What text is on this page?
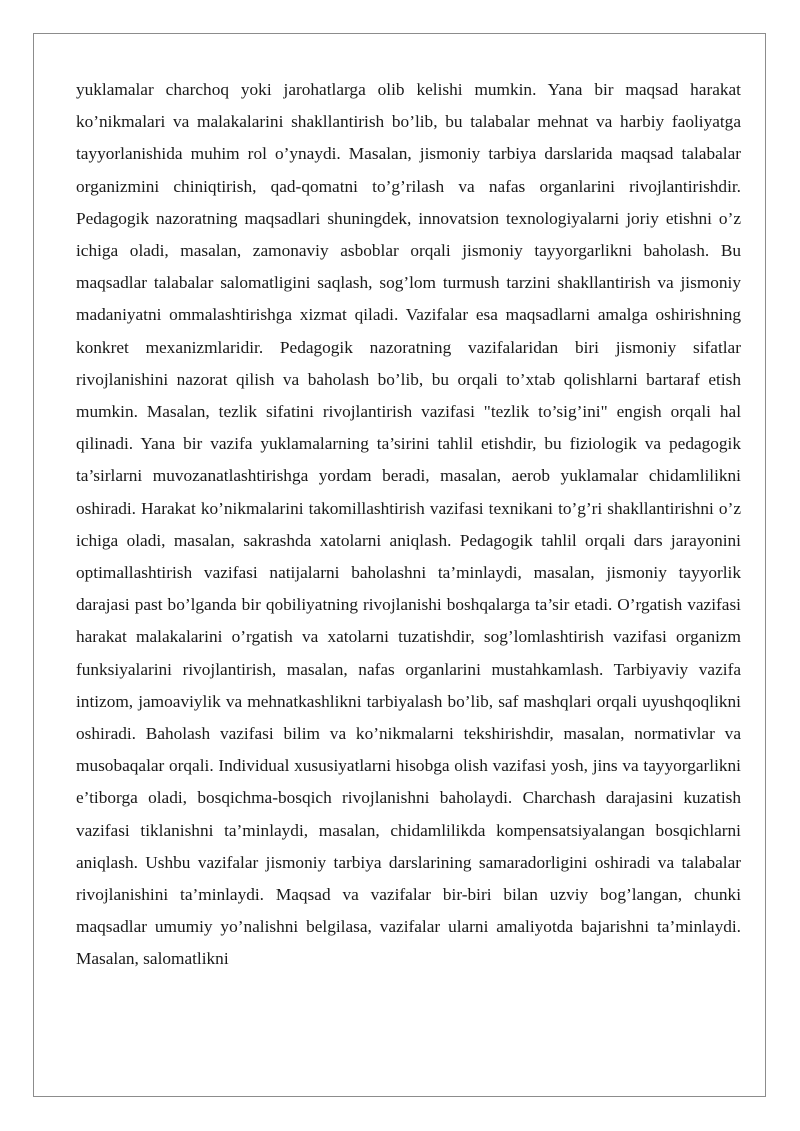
yuklamalar charchoq yoki jarohatlarga olib kelishi mumkin. Yana bir maqsad harakat ko’nikmalari va malakalarini shakllantirish bo’lib, bu talabalar mehnat va harbiy faoliyatga tayyorlanishida muhim rol o’ynaydi. Masalan, jismoniy tarbiya darslarida maqsad talabalar organizmini chiniqtirish, qad-qomatni to’g’rilash va nafas organlarini rivojlantirishdir. Pedagogik nazoratning maqsadlari shuningdek, innovatsion texnologiyalarni joriy etishni o’z ichiga oladi, masalan, zamonaviy asboblar orqali jismoniy tayyorgarlikni baholash. Bu maqsadlar talabalar salomatligini saqlash, sog’lom turmush tarzini shakllantirish va jismoniy madaniyatni ommalashtirishga xizmat qiladi. Vazifalar esa maqsadlarni amalga oshirishning konkret mexanizmlaridir. Pedagogik nazoratning vazifalaridan biri jismoniy sifatlar rivojlanishini nazorat qilish va baholash bo’lib, bu orqali to’xtab qolishlarni bartaraf etish mumkin. Masalan, tezlik sifatini rivojlantirish vazifasi "tezlik to’sig’ini" engish orqali hal qilinadi. Yana bir vazifa yuklamalarning ta’sirini tahlil etishdir, bu fiziologik va pedagogik ta’sirlarni muvozanatlashtirishga yordam beradi, masalan, aerob yuklamalar chidamlilikni oshiradi. Harakat ko’nikmalarini takomillashtirish vazifasi texnikani to’g’ri shakllantirishni o’z ichiga oladi, masalan, sakrashda xatolarni aniqlash. Pedagogik tahlil orqali dars jarayonini optimallashtirish vazifasi natijalarni baholashni ta’minlaydi, masalan, jismoniy tayyorlik darajasi past bo’lganda bir qobiliyatning rivojlanishi boshqalarga ta’sir etadi. O’rgatish vazifasi harakat malakalarini o’rgatish va xatolarni tuzatishdir, sog’lomlashtirish vazifasi organizm funksiyalarini rivojlantirish, masalan, nafas organlarini mustahkamlash. Tarbiyaviy vazifa intizom, jamoaviylik va mehnatkashlikni tarbiyalash bo’lib, saf mashqlari orqali uyushqoqlikni oshiradi. Baholash vazifasi bilim va ko’nikmalarni tekshirishdir, masalan, normativlar va musobaqalar orqali. Individual xususiyatlarni hisobga olish vazifasi yosh, jins va tayyorgarlikni e’tiborga oladi, bosqichma-bosqich rivojlanishni baholaydi. Charchash darajasini kuzatish vazifasi tiklanishni ta’minlaydi, masalan, chidamlilikda kompensatsiyalangan bosqichlarni aniqlash. Ushbu vazifalar jismoniy tarbiya darslarining samaradorligini oshiradi va talabalar rivojlanishini ta’minlaydi. Maqsad va vazifalar bir-biri bilan uzviy bog’langan, chunki maqsadlar umumiy yo’nalishni belgilasa, vazifalar ularni amaliyotda bajarishni ta’minlaydi. Masalan, salomatlikni
